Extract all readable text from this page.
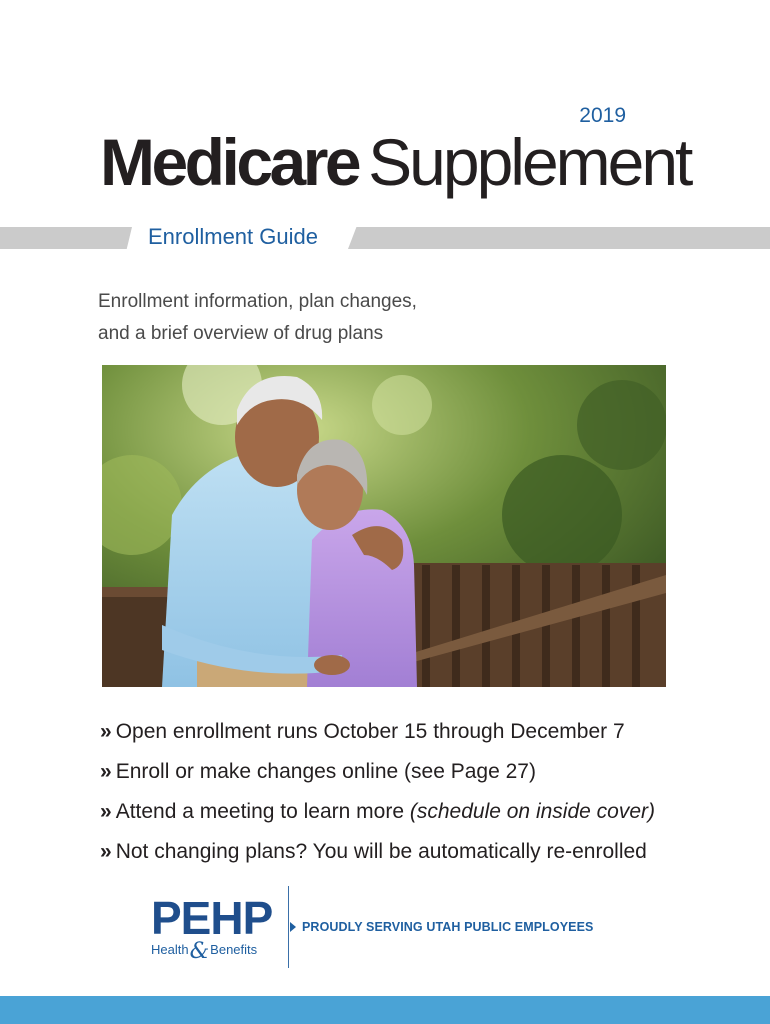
2019
Medicare Supplement
Enrollment Guide
Enrollment information, plan changes,
and a brief overview of drug plans
» Open enrollment runs October 15 through December 7
» Enroll or make changes online (see Page 27)
» Attend a meeting to learn more (schedule on inside cover)
» Not changing plans? You will be automatically re-enrolled
PEHP
Health&Benefits
PROUDLY SERVING UTAH PUBLIC EMPLOYEES
